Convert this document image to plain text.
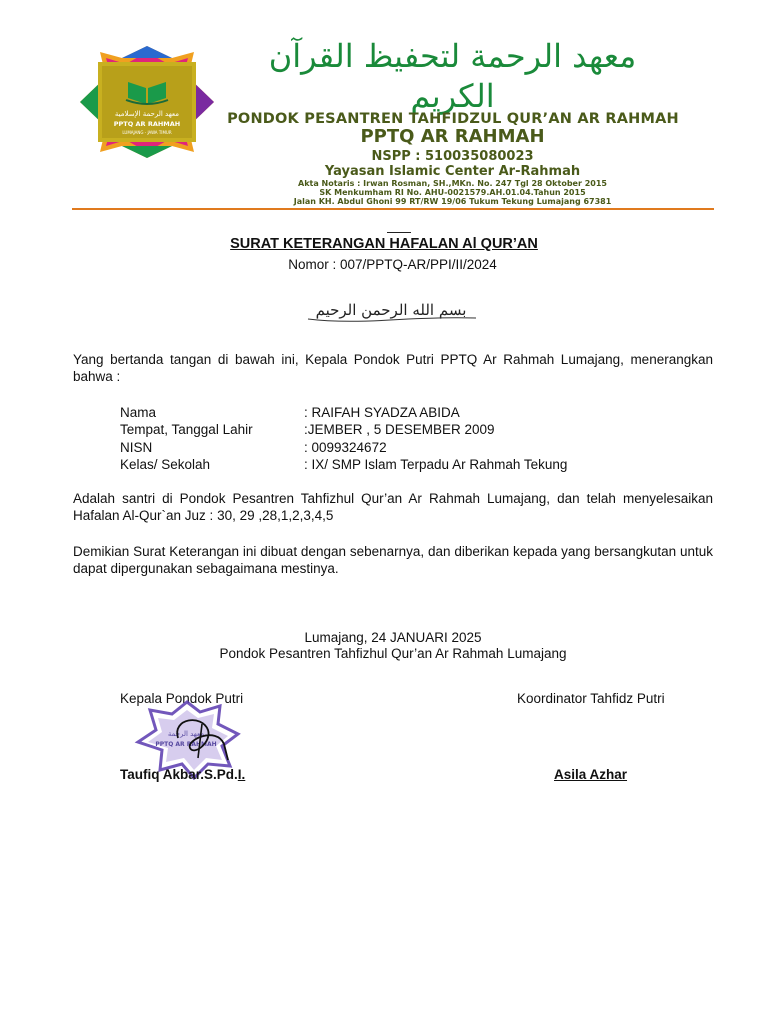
معهد الرحمة الإسلامية
PPTQ AR RAHMAH
LUMAJANG - JAWA TIMUR
معهد الرحمة لتحفيظ القرآن الكريم
PONDOK PESANTREN TAHFIDZUL QUR’AN AR RAHMAH
PPTQ AR RAHMAH
NSPP : 510035080023
Yayasan Islamic Center Ar-Rahmah
Akta Notaris : Irwan Rosman, SH.,MKn. No. 247 Tgl 28 Oktober 2015
SK Menkumham RI No. AHU-0021579.AH.01.04.Tahun 2015
Jalan KH. Abdul Ghoni 99 RT/RW 19/06 Tukum Tekung Lumajang 67381
SURAT KETERANGAN HAFALAN Al QUR’AN
Nomor : 007/PPTQ-AR/PPI/II/2024
بسم الله الرحمن الرحيم
Yang bertanda tangan di bawah ini, Kepala Pondok Putri PPTQ Ar Rahmah Lumajang, menerangkan bahwa :
Nama	: RAIFAH SYADZA ABIDA
Tempat, Tanggal Lahir	:JEMBER , 5 DESEMBER 2009
NISN	: 0099324672
Kelas/ Sekolah	: IX/ SMP Islam Terpadu Ar Rahmah Tekung
Adalah santri di Pondok Pesantren Tahfizhul Qur’an Ar Rahmah Lumajang, dan telah menyelesaikan Hafalan Al-Qur`an Juz : 30, 29 ,28,1,2,3,4,5
Demikian Surat Keterangan ini dibuat dengan sebenarnya, dan diberikan kepada yang bersangkutan untuk dapat dipergunakan sebagaimana mestinya.
Lumajang, 24 JANUARI 2025
Pondok Pesantren Tahfizhul Qur’an Ar Rahmah Lumajang
Kepala Pondok Putri	Koordinator Tahfidz Putri
معهد الرحمة
PPTQ AR RAHMAH
Taufiq Akbar.S.Pd.I.	Asila Azhar
